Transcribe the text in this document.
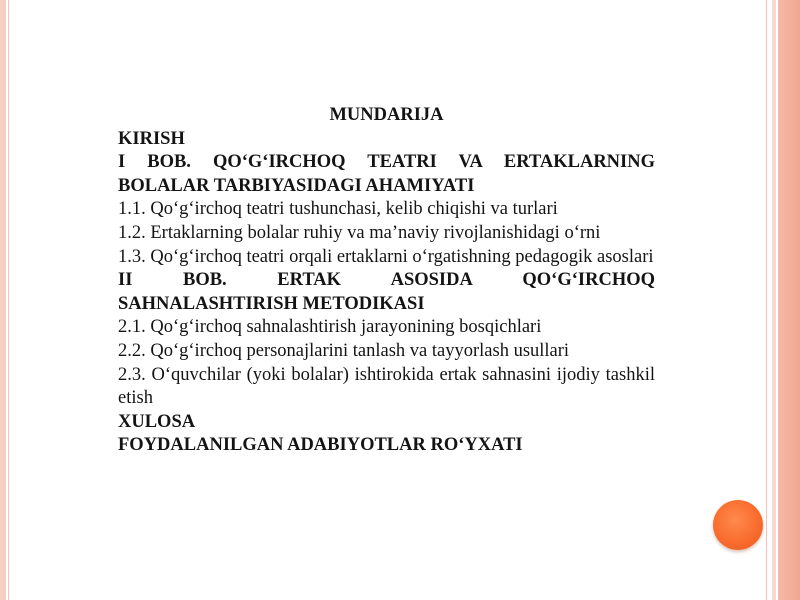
MUNDARIJA
KIRISH
I BOB. QO‘G‘IRCHOQ TEATRI VA ERTAKLARNING BOLALAR TARBIYASIDAGI AHAMIYATI
1.1. Qo‘g‘irchoq teatri tushunchasi, kelib chiqishi va turlari
1.2. Ertaklarning bolalar ruhiy va ma’naviy rivojlanishidagi o‘rni
1.3. Qo‘g‘irchoq teatri orqali ertaklarni o‘rgatishning pedagogik asoslari
II BOB. ERTAK ASOSIDA QO‘G‘IRCHOQ SAHNALASHTIRISH METODIKASI
2.1. Qo‘g‘irchoq sahnalashtirish jarayonining bosqichlari
2.2. Qo‘g‘irchoq personajlarini tanlash va tayyorlash usullari
2.3. O‘quvchilar (yoki bolalar) ishtirokida ertak sahnasini ijodiy tashkil etish
XULOSA
FOYDALANILGAN ADABIYOTLAR RO‘YXATI
